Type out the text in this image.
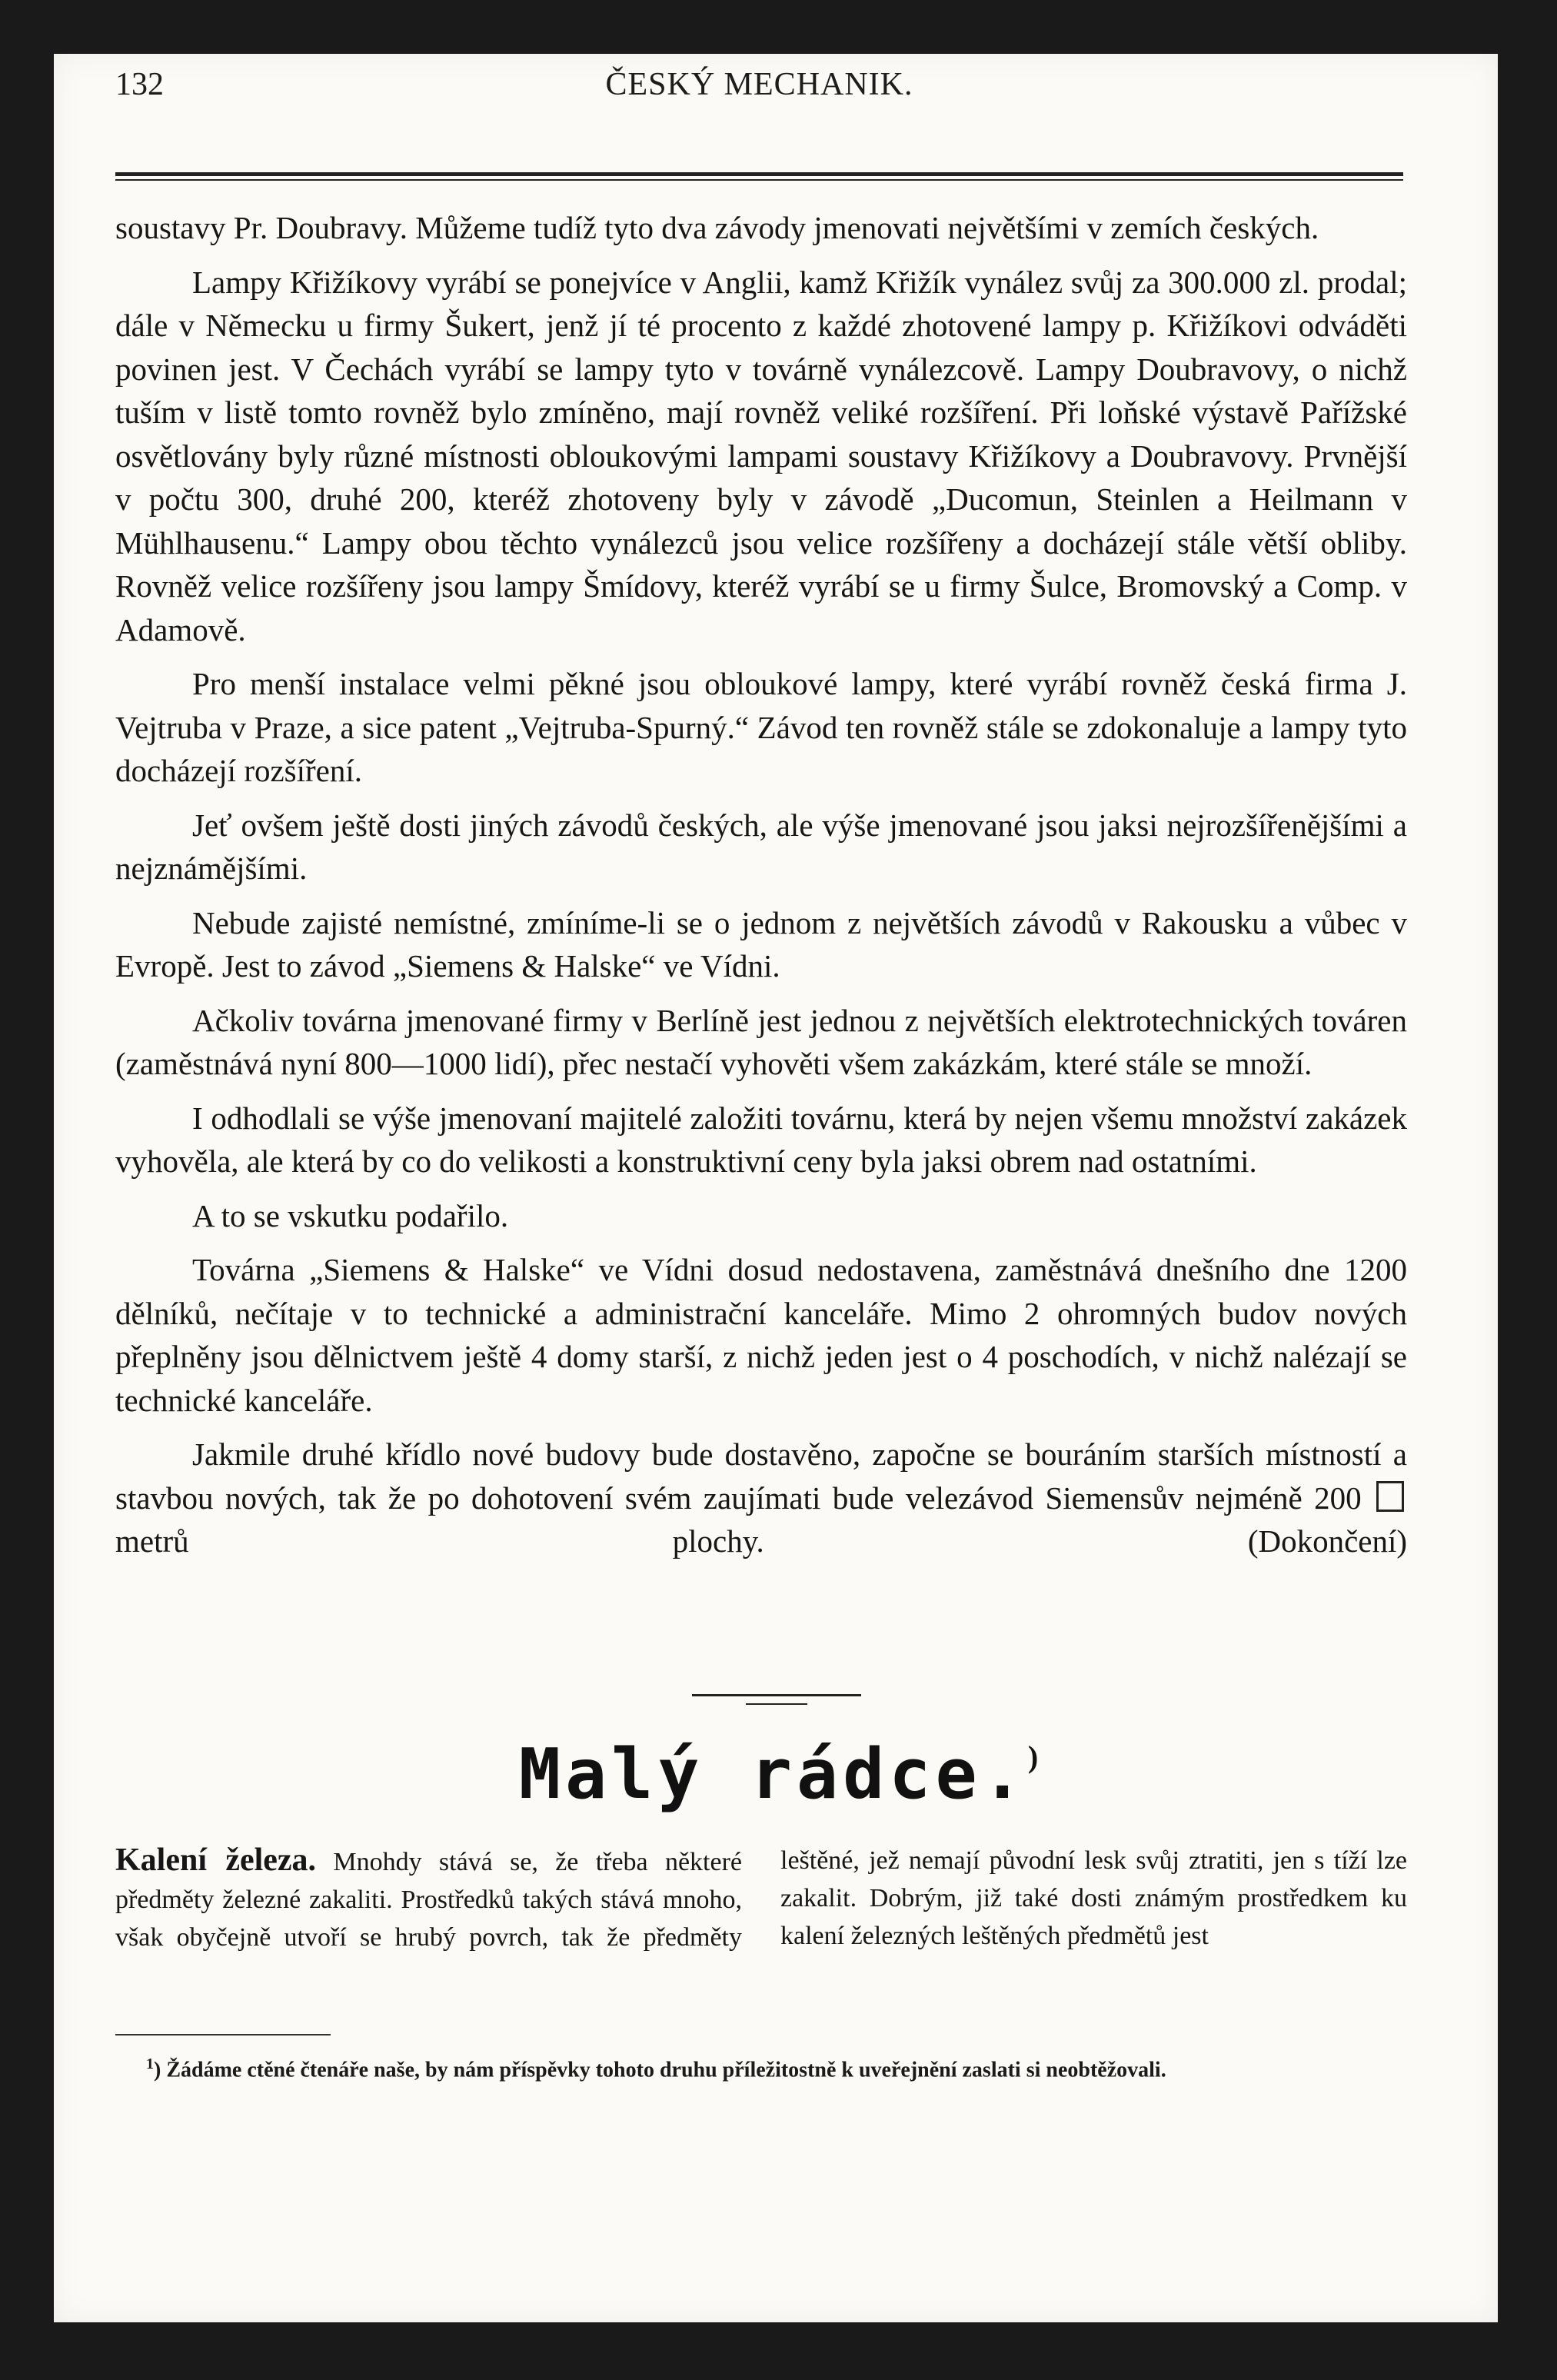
132	ČESKÝ MECHANIK.

soustavy Pr. Doubravy. Můžeme tudíž tyto dva závody jmenovati největšími v zemích českých.

Lampy Křižíkovy vyrábí se ponejvíce v Anglii, kamž Křižík vynález svůj za 300.000 zl. prodal; dále v Německu u firmy Šukert, jenž jí té procento z každé zhotovené lampy p. Křižíkovi odváděti povinen jest. V Čechách vyrábí se lampy tyto v továrně vynálezcově. Lampy Doubravovy, o nichž tuším v listě tomto rovněž bylo zmíněno, mají rovněž veliké rozšíření. Při loňské výstavě Pařížské osvětlovány byly různé místnosti obloukovými lampami soustavy Křižíkovy a Doubravovy. Prvnější v počtu 300, druhé 200, kteréž zhotoveny byly v závodě „Ducomun, Steinlen a Heilmann v Mühlhausenu.“ Lampy obou těchto vynálezců jsou velice rozšířeny a docházejí stále větší obliby. Rovněž velice rozšířeny jsou lampy Šmídovy, kteréž vyrábí se u firmy Šulce, Bromovský a Comp. v Adamově.

Pro menší instalace velmi pěkné jsou obloukové lampy, které vyrábí rovněž česká firma J. Vejtruba v Praze, a sice patent „Vejtruba-Spurný.“ Závod ten rovněž stále se zdokonaluje a lampy tyto docházejí rozšíření.

Jeť ovšem ještě dosti jiných závodů českých, ale výše jmenované jsou jaksi nejrozšířenějšími a nejznámějšími.

Nebude zajisté nemístné, zmíníme-li se o jednom z největších závodů v Rakousku a vůbec v Evropě. Jest to závod „Siemens & Halske“ ve Vídni.

Ačkoliv továrna jmenované firmy v Berlíně jest jednou z největších elektrotechnických továren (zaměstnává nyní 800—1000 lidí), přec nestačí vyhověti všem zakázkám, které stále se množí.

I odhodlali se výše jmenovaní majitelé založiti továrnu, která by nejen všemu množství zakázek vyhověla, ale která by co do velikosti a konstruktivní ceny byla jaksi obrem nad ostatními.

A to se vskutku podařilo.

Továrna „Siemens & Halske“ ve Vídni dosud nedostavena, zaměstnává dnešního dne 1200 dělníků, nečítaje v to technické a administrační kanceláře. Mimo 2 ohromných budov nových přeplněny jsou dělnictvem ještě 4 domy starší, z nichž jeden jest o 4 poschodích, v nichž nalézají se technické kanceláře.

Jakmile druhé křídlo nové budovy bude dostavěno, započne se bouráním starších místností a stavbou nových, tak že po dohotovení svém zaujímati bude velezávod Siemensův nejméně 200  metrů plochy.	(Dokončení)

Malý rádce.)
Kalení železa. Mnohdy stává se, že třeba některé předměty železné zakaliti. Prostředků takých stává mnoho, však obyčejně utvoří se hrubý povrch, tak že předměty leštěné, jež nemají původní lesk svůj ztratiti, jen s tíží lze zakalit. Dobrým, již také dosti známým prostředkem ku kalení železných leštěných předmětů jest
$^1$) Žádáme ctěné čtenáře naše, by nám příspěvky tohoto druhu příležitostně k uveřejnění zaslati si neobtěžovali.
